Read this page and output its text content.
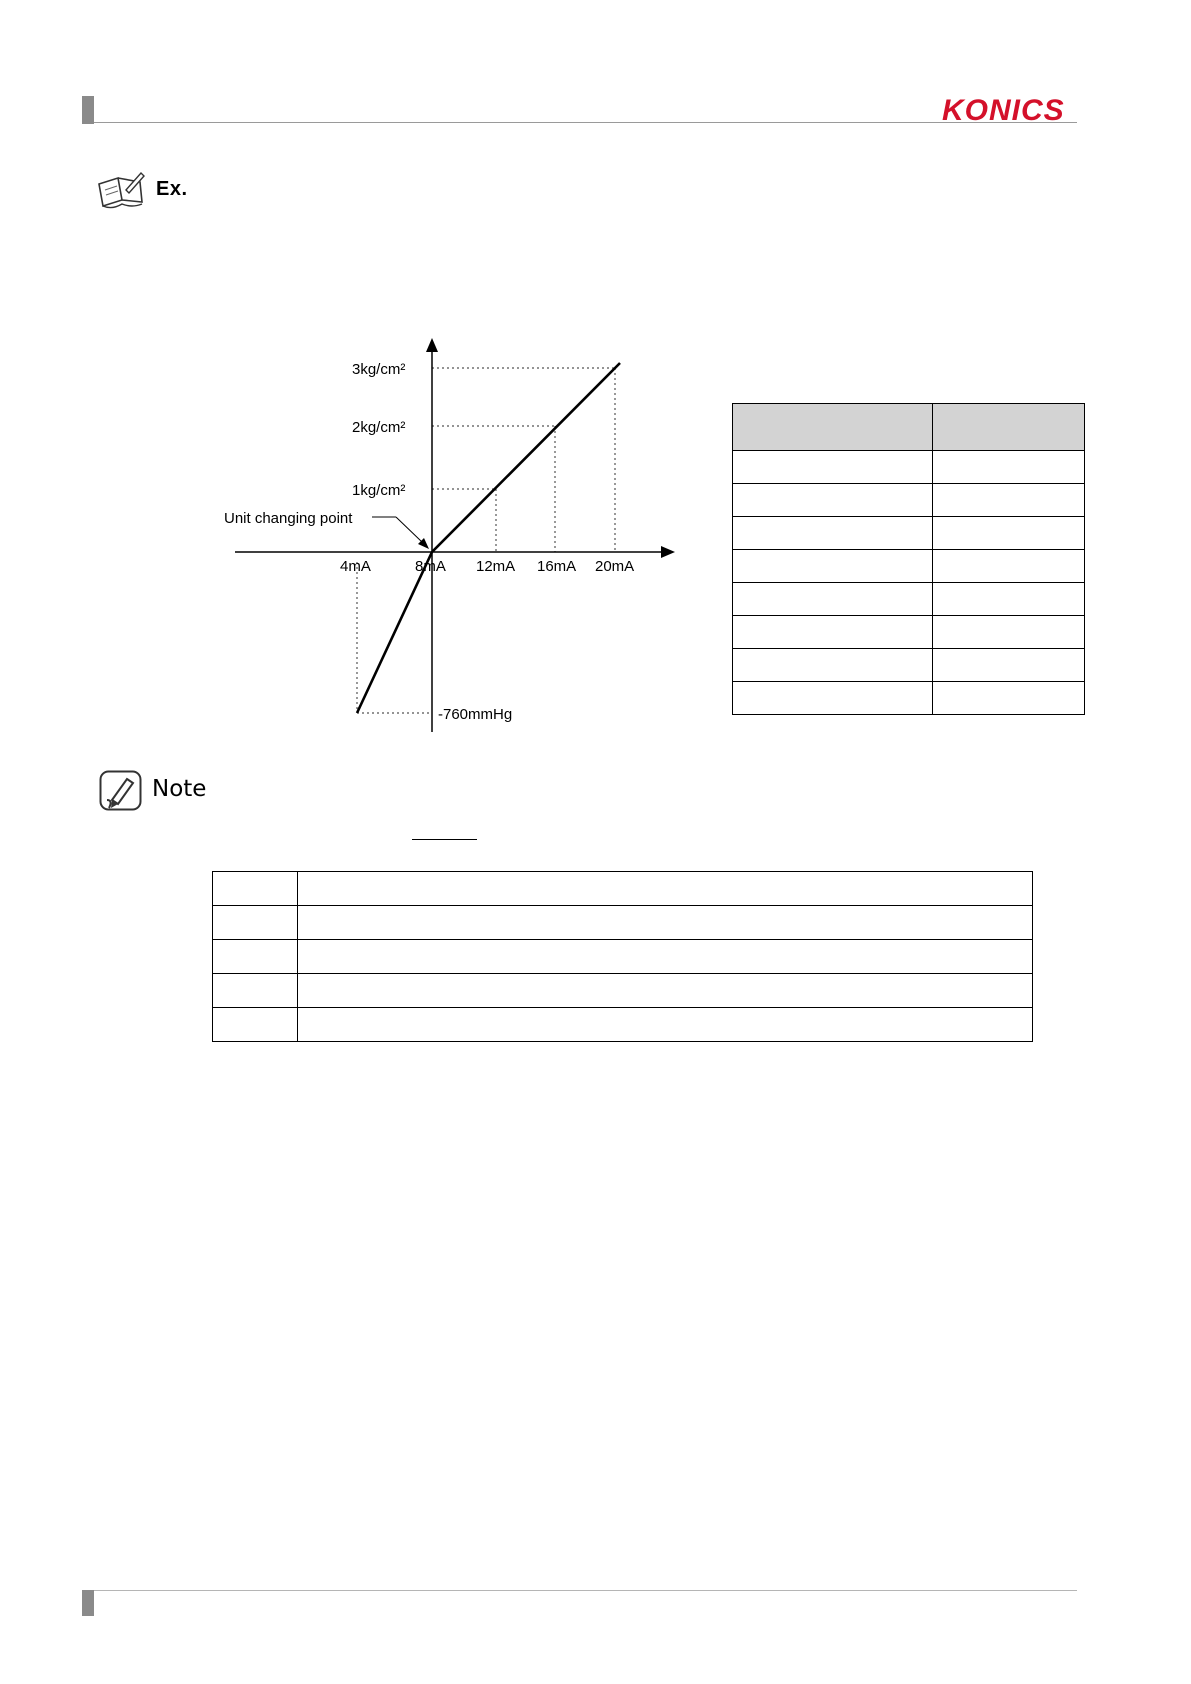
KONICS
Ex.
3kg/cm²
2kg/cm²
1kg/cm²
Unit changing point
4mA	8mA 12mA 16mA 20mA
-760mmHg

Note
